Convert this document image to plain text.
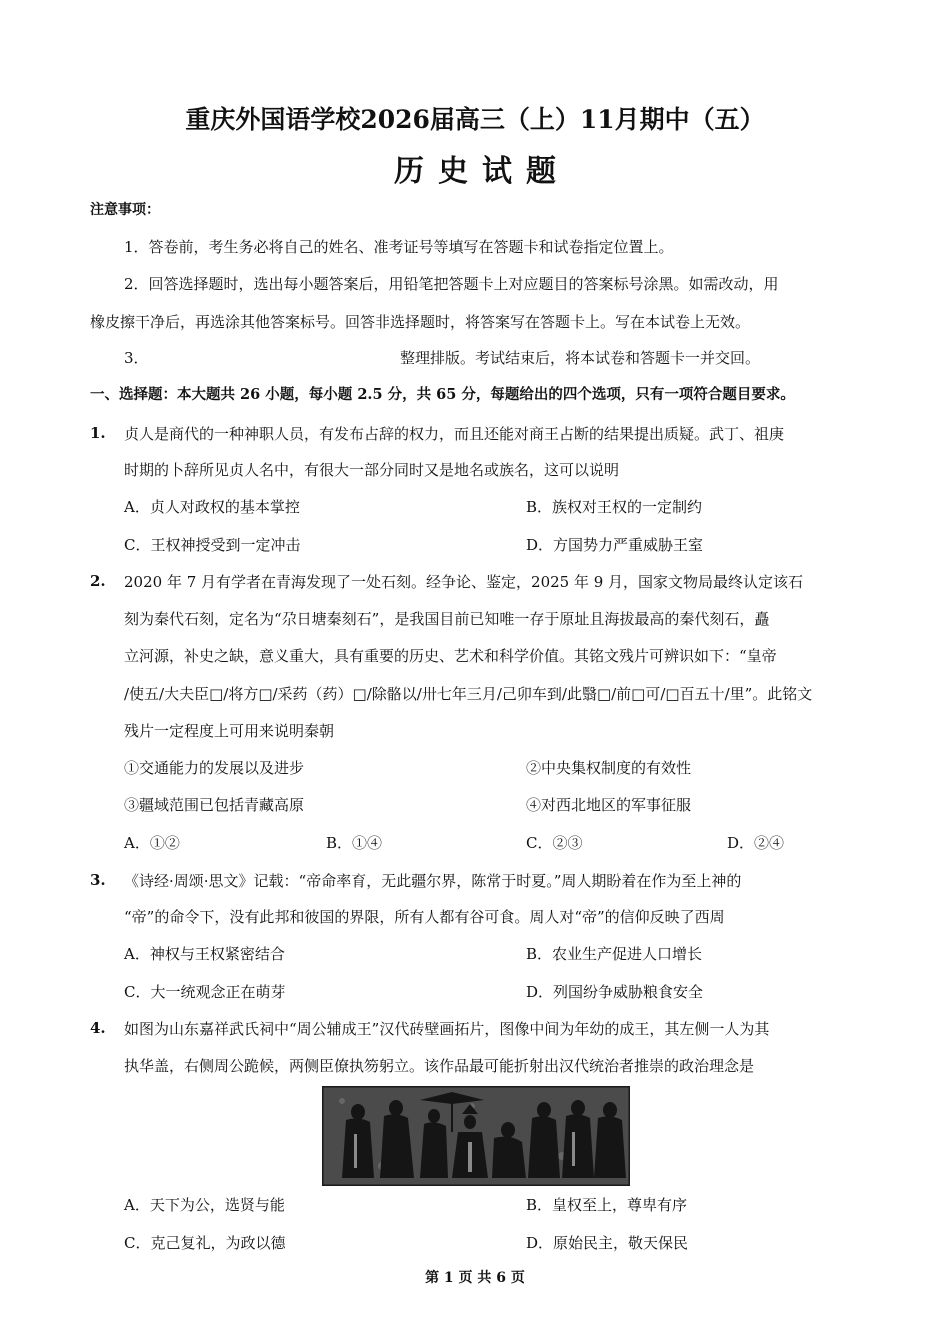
重庆外国语学校2026届高三（上）11月期中（五）
历史试题
注意事项：
1．答卷前，考生务必将自己的姓名、准考证号等填写在答题卡和试卷指定位置上。
2．回答选择题时，选出每小题答案后，用铅笔把答题卡上对应题目的答案标号涂黑。如需改动，用
橡皮擦干净后，再选涂其他答案标号。回答非选择题时，将答案写在答题卡上。写在本试卷上无效。
3．	整理排版。考试结束后，将本试卷和答题卡一并交回。
一、选择题：本大题共 26 小题，每小题 2.5 分，共 65 分，每题给出的四个选项，只有一项符合题目要求。
1. 贞人是商代的一种神职人员，有发布占辞的权力，而且还能对商王占断的结果提出质疑。武丁、祖庚
时期的卜辞所见贞人名中，有很大一部分同时又是地名或族名，这可以说明
A．贞人对政权的基本掌控	B．族权对王权的一定制约
C．王权神授受到一定冲击	D．方国势力严重威胁王室
2. 2020 年 7 月有学者在青海发现了一处石刻。经争论、鉴定，2025 年 9 月，国家文物局最终认定该石
刻为秦代石刻，定名为“尕日塘秦刻石”，是我国目前已知唯一存于原址且海拔最高的秦代刻石，矗
立河源，补史之缺，意义重大，具有重要的历史、艺术和科学价值。其铭文残片可辨识如下：“皇帝
/使五/大夫臣□/将方□/采药（药）□/除骼以/卅七年三月/己卯车到/此翳□/前□可/□百五十/里”。此铭文
残片一定程度上可用来说明秦朝
①交通能力的发展以及进步	②中央集权制度的有效性
③疆域范围已包括青藏高原	④对西北地区的军事征服
A．①②	B．①④	C．②③	D．②④
3. 《诗经·周颂·思文》记载：“帝命率育，无此疆尔界，陈常于时夏。”周人期盼着在作为至上神的
“帝”的命令下，没有此邦和彼国的界限，所有人都有谷可食。周人对“帝”的信仰反映了西周
A．神权与王权紧密结合	B．农业生产促进人口增长
C．大一统观念正在萌芽	D．列国纷争威胁粮食安全
4. 如图为山东嘉祥武氏祠中“周公辅成王”汉代砖壁画拓片，图像中间为年幼的成王，其左侧一人为其
执华盖，右侧周公跪候，两侧臣僚执笏躬立。该作品最可能折射出汉代统治者推崇的政治理念是
A．天下为公，选贤与能	B．皇权至上，尊卑有序
C．克己复礼，为政以德	D．原始民主，敬天保民
第 1 页 共 6 页
